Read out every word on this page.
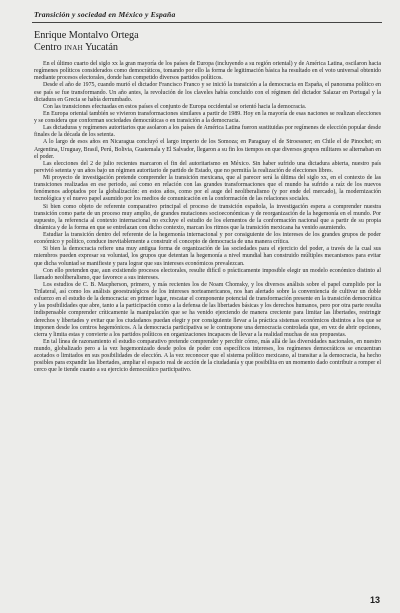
Transición y sociedad en México y España
Enrique Montalvo Ortega
Centro INAH Yucatán

En el último cuarto del siglo xx la gran mayoría de los países de Europa (incluyendo a su región oriental) y de América Latina, oscilaron hacia regímenes políticos considerados como democráticos, tomando por ello la forma de legitimación básica ha resultado en el voto universal obtenido mediante procesos electorales, donde han competido diversos partidos políticos.

Desde el año de 1975, cuando murió el dictador Francisco Franco y se inició la transición a la democracia en España, el panorama político en ese país se fue transformando. Un año antes, la revolución de los claveles había concluido con el régimen del dictador Salazar en Portugal y la dictadura en Grecia se había derrumbado.

Con las transiciones efectuadas en estos países el conjunto de Europa occidental se orientó hacia la democracia.

En Europa oriental también se vivieron transformaciones similares a partir de 1989. Hoy en la mayoría de esas naciones se realizan elecciones y se considera que conforman sociedades democráticas o en transición a la democracia.

Las dictaduras y regímenes autoritarios que asolaron a los países de América Latina fueron sustituidas por regímenes de elección popular desde finales de la década de los setenta.

A lo largo de esos años en Nicaragua concluyó el largo imperio de los Somoza; en Paraguay el de Stroessner; en Chile el de Pinochet; en Argentina, Uruguay, Brasil, Perú, Bolivia, Guatemala y El Salvador, llegaron a su fin los tiempos en que diversos grupos militares se alternaban en el poder.

Las elecciones del 2 de julio recientes marcaron el fin del autoritarismo en México. Sin haber sufrido una dictadura abierta, nuestro país pervivió setenta y un años bajo un régimen autoritario de partido de Estado, que no permitía la realización de elecciones libres.

Mi proyecto de investigación pretende comprender la transición mexicana, que al parecer será la última del siglo xx, en el contexto de las transiciones realizadas en ese periodo, así como en relación con las grandes transformaciones que el mundo ha sufrido a raíz de los nuevos fenómenos adoptados por la globalización: en estos años, como por el auge del neoliberalismo (y por ende del mercado), la modernización tecnológica y el nuevo papel asumido por los medios de comunicación en la conformación de las relaciones sociales.

Si bien como objeto de referente comparativo principal el proceso de transición española, la investigación espera a comprender nuestra transición como parte de un proceso muy amplio, de grandes mutaciones socioeconómicas y de reorganización de la hegemonía en el mundo. Por supuesto, la referencia al contexto internacional no excluye el estudio de los elementos de la conformación nacional que a partir de su propia dinámica y de la forma en que se entrelazan con dicho contexto, marcan los ritmos que la transición mexicana ha venido asumiendo.

Estudiar la transición dentro del referente de la hegemonía internacional y por consiguiente de los intereses de los grandes grupos de poder económico y político, conduce inevitablemente a construir el concepto de democracia de una manera crítica.

Si bien la democracia refiere una muy antigua forma de organización de las sociedades para el ejercicio del poder, a través de la cual sus miembros pueden expresar su voluntad, los grupos que detentan la hegemonía a nivel mundial han construido múltiples mecanismos para evitar que dicha voluntad se manifieste y para lograr que sus intereses económicos prevalezcan.

Con ello pretenden que, aun existiendo procesos electorales, resulte difícil o prácticamente imposible elegir un modelo económico distinto al llamado neoliberalismo, que favorece a sus intereses.

Los estudios de C. B. Macpherson, primero, y más recientes los de Noam Chomsky, y los diversos análisis sobre el papel cumplido por la Trilateral, así como los análisis geoestratégicos de los intereses norteamericanos, nos han alertado sobre la conveniencia de cultivar un doble esfuerzo en el estudio de la democracia: en primer lugar, rescatar el componente potencial de transformación presente en la transición democrática y las posibilidades que abre, tanto a la participación como a la defensa de las libertades básicas y los derechos humanos, pero por otra parte resulta indispensable comprender críticamente la manipulación que se ha venido ejerciendo de manera creciente para limitar las libertades, restringir derechos y libertades y evitar que los ciudadanos puedan elegir y por consiguiente llevar a la práctica sistemas económicos distintos a los que se imponen desde los centros hegemónicos. A la democracia participativa se le contrapone una democracia controlada que, en vez de abrir opciones, cierra y limita estas y convierte a los partidos políticos en organizaciones incapaces de llevar a la realidad muchas de sus propuestas.

En tal línea de razonamiento el estudio comparativo pretende comprender y percibir cómo, más allá de las diversidades nacionales, en nuestro mundo, globalizado pero a la vez hegemonizado desde polos de poder con específicos intereses, los regímenes democráticos se encuentran acotados o limitados en sus posibilidades de elección. A la vez reconocer que el sistema político mexicano, al transitar a la democracia, ha hecho posibles para expandir las libertades, ampliar el espacio real de acción de la ciudadanía y que posibilita en un momento dado contribuir a romper el cerco que le tiende cuanto a su ejercicio democrático participativo.

13
